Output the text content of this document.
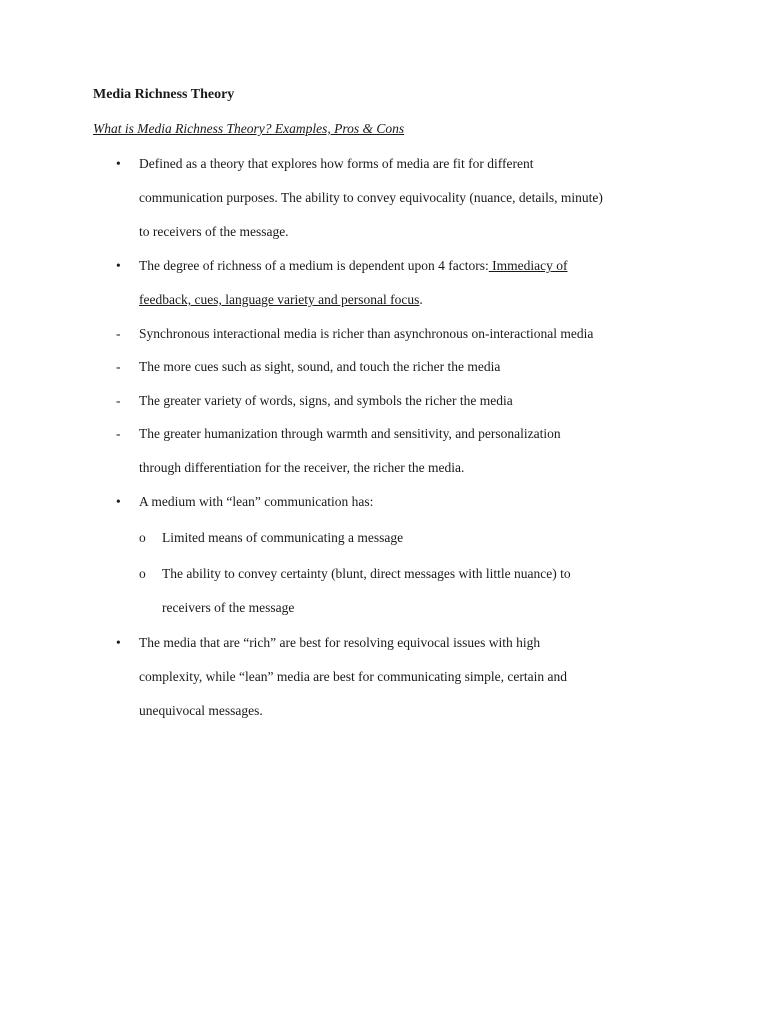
Media Richness Theory
What is Media Richness Theory? Examples, Pros & Cons
• Defined as a theory that explores how forms of media are fit for different
communication purposes. The ability to convey equivocality (nuance, details, minute)
to receivers of the message.
• The degree of richness of a medium is dependent upon 4 factors: Immediacy of
feedback, cues, language variety and personal focus.
- Synchronous interactional media is richer than asynchronous on-interactional media
- The more cues such as sight, sound, and touch the richer the media
- The greater variety of words, signs, and symbols the richer the media
- The greater humanization through warmth and sensitivity, and personalization
through differentiation for the receiver, the richer the media.
• A medium with “lean” communication has:
o Limited means of communicating a message
o The ability to convey certainty (blunt, direct messages with little nuance) to
receivers of the message
• The media that are “rich” are best for resolving equivocal issues with high
complexity, while “lean” media are best for communicating simple, certain and
unequivocal messages.
